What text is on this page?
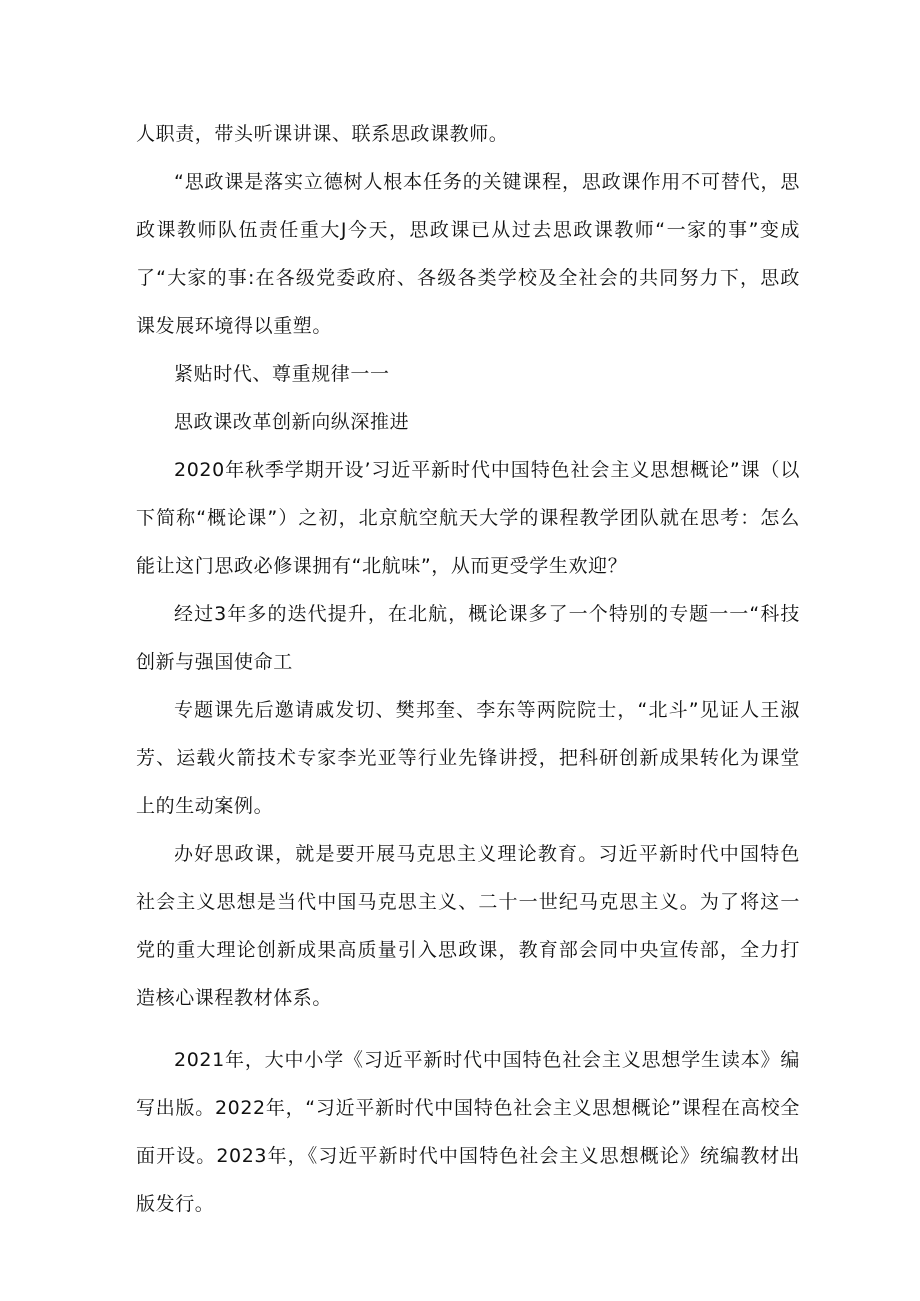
人职责，带头听课讲课、联系思政课教师。

“思政课是落实立德树人根本任务的关键课程，思政课作用不可替代，思政课教师队伍责任重大J今天，思政课已从过去思政课教师“一家的事”变成了“大家的事:在各级党委政府、各级各类学校及全社会的共同努力下，思政课发展环境得以重塑。

紧贴时代、尊重规律一一

思政课改革创新向纵深推进

2020年秋季学期开设’习近平新时代中国特色社会主义思想概论”课（以下简称“概论课”）之初，北京航空航天大学的课程教学团队就在思考：怎么能让这门思政必修课拥有“北航味”，从而更受学生欢迎？

经过3年多的迭代提升，在北航，概论课多了一个特别的专题一一“科技创新与强国使命工

专题课先后邀请戚发切、樊邦奎、李东等两院院士，“北斗”见证人王淑芳、运载火箭技术专家李光亚等行业先锋讲授，把科研创新成果转化为课堂上的生动案例。

办好思政课，就是要开展马克思主义理论教育。习近平新时代中国特色社会主义思想是当代中国马克思主义、二十一世纪马克思主义。为了将这一党的重大理论创新成果高质量引入思政课，教育部会同中央宣传部，全力打造核心课程教材体系。

2021年，大中小学《习近平新时代中国特色社会主义思想学生读本》编写出版。2022年，“习近平新时代中国特色社会主义思想概论”课程在高校全面开设。2023年，《习近平新时代中国特色社会主义思想概论》统编教材出版发行。
